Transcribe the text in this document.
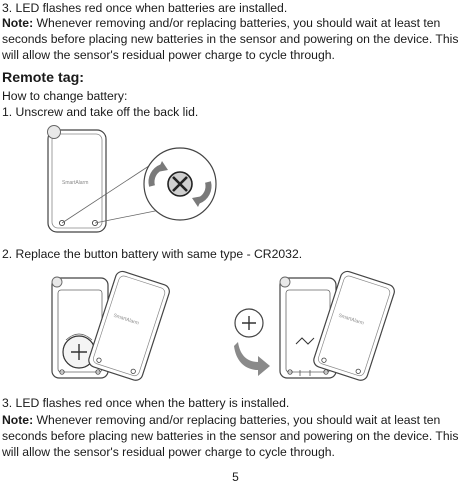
3. LED flashes red once when batteries are installed.

Note: Whenever removing and/or replacing batteries, you should wait at least ten seconds before placing new batteries in the sensor and powering on the device. This will allow the sensor's residual power charge to cycle through.

Remote tag:

How to change battery:

1. Unscrew and take off the back lid.

SmartAlarm

2. Replace the button battery with same type - CR2032.

SmartAlarm	SmartAlarm

3. LED flashes red once when the battery is installed.

Note: Whenever removing and/or replacing batteries, you should wait at least ten seconds before placing new batteries in the sensor and powering on the device. This will allow the sensor's residual power charge to cycle through.

5
